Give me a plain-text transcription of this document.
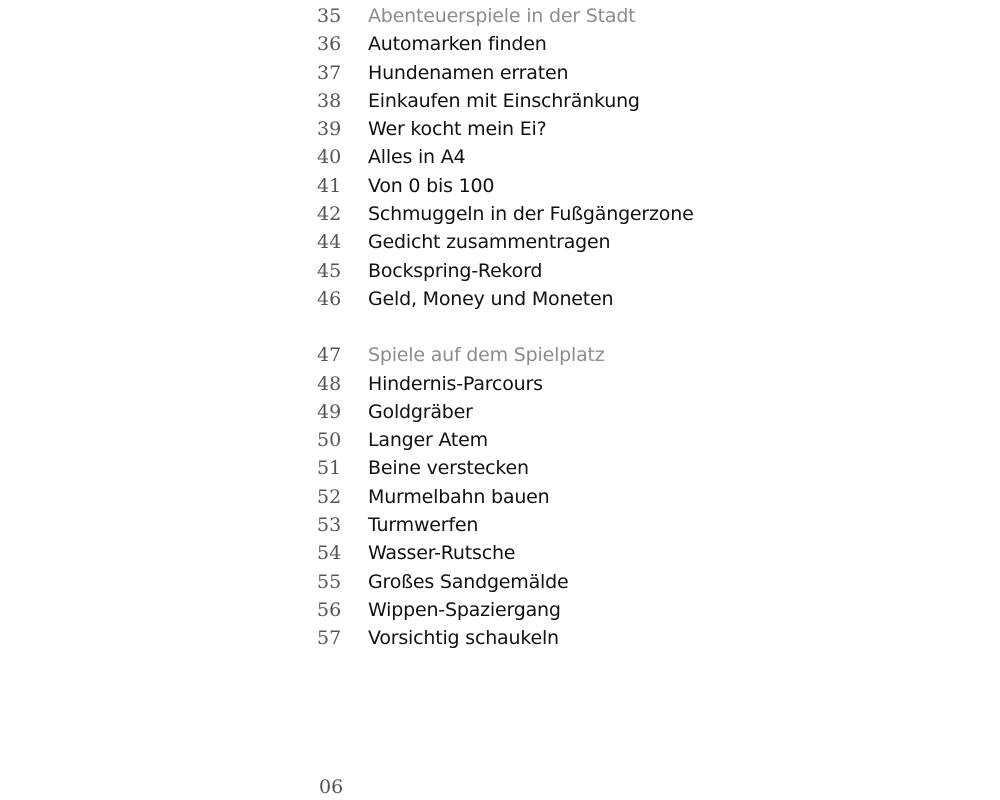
35	Abenteuerspiele in der Stadt
36	Automarken finden
37	Hundenamen erraten
38	Einkaufen mit Einschränkung
39	Wer kocht mein Ei?
40	Alles in A4
41	Von 0 bis 100
42	Schmuggeln in der Fußgängerzone
44	Gedicht zusammentragen
45	Bockspring-Rekord
46	Geld, Money und Moneten
47	Spiele auf dem Spielplatz
48	Hindernis-Parcours
49	Goldgräber
50	Langer Atem
51	Beine verstecken
52	Murmelbahn bauen
53	Turmwerfen
54	Wasser-Rutsche
55	Großes Sandgemälde
56	Wippen-Spaziergang
57	Vorsichtig schaukeln
06
